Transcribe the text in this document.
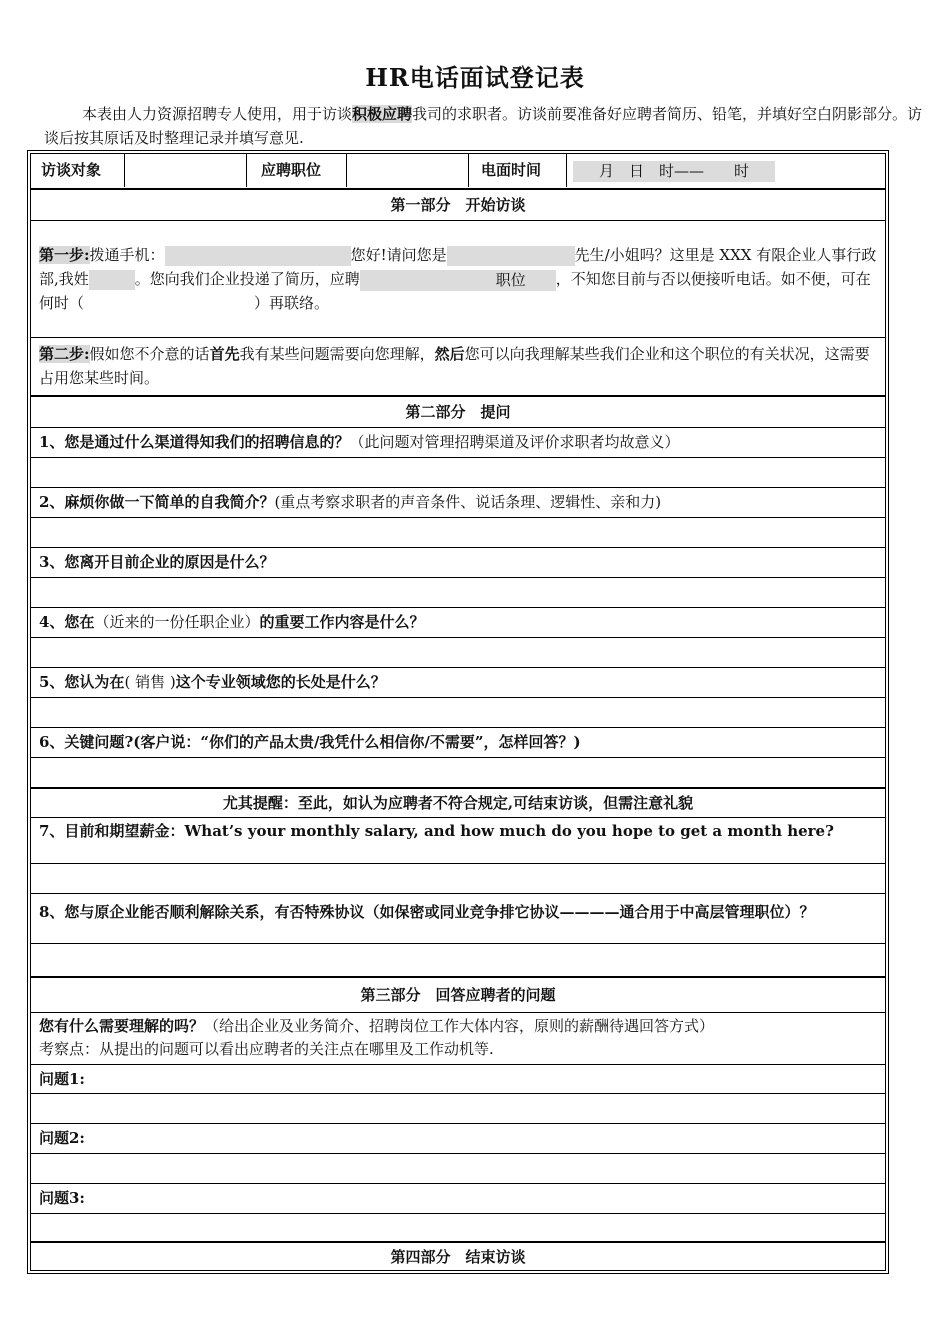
HR电话面试登记表
本表由人力资源招聘专人使用，用于访谈积极应聘我司的求职者。访谈前要准备好应聘者简历、铅笔，并填好空白阴影部分。访谈后按其原话及时整理记录并填写意见.
访谈对象	应聘职位	电面时间	月　日　时——　　时
第一部分　开始访谈
第一步:拨通手机：	您好!请问您是	先生/小姐吗？这里是 XXX 有限企业人事行政部,我姓	。您向我们企业投递了简历，应聘	职位 ，不知您目前与否以便接听电话。如不便，可在何时（	）再联络。
第二步:假如您不介意的话首先我有某些问题需要向您理解，然后您可以向我理解某些我们企业和这个职位的有关状况，这需要占用您某些时间。
第二部分　提问
1、您是通过什么渠道得知我们的招聘信息的？（此问题对管理招聘渠道及评价求职者均故意义）
2、麻烦你做一下简单的自我简介？(重点考察求职者的声音条件、说话条理、逻辑性、亲和力)
3、您离开目前企业的原因是什么？
4、您在（近来的一份任职企业）的重要工作内容是什么？
5、您认为在( 销售 )这个专业领域您的长处是什么？
6、关键问题?(客户说：“你们的产品太贵/我凭什么相信你/不需要”，怎样回答？)
尤其提醒：至此，如认为应聘者不符合规定,可结束访谈，但需注意礼貌
7、目前和期望薪金：What’s your monthly salary, and how much do you hope to get a month here?
8、您与原企业能否顺利解除关系，有否特殊协议（如保密或同业竞争排它协议————通合用于中高层管理职位）？
第三部分　回答应聘者的问题
您有什么需要理解的吗？（给出企业及业务简介、招聘岗位工作大体内容，原则的薪酬待遇回答方式）
考察点：从提出的问题可以看出应聘者的关注点在哪里及工作动机等.
问题1:
问题2:
问题3:
第四部分　结束访谈
